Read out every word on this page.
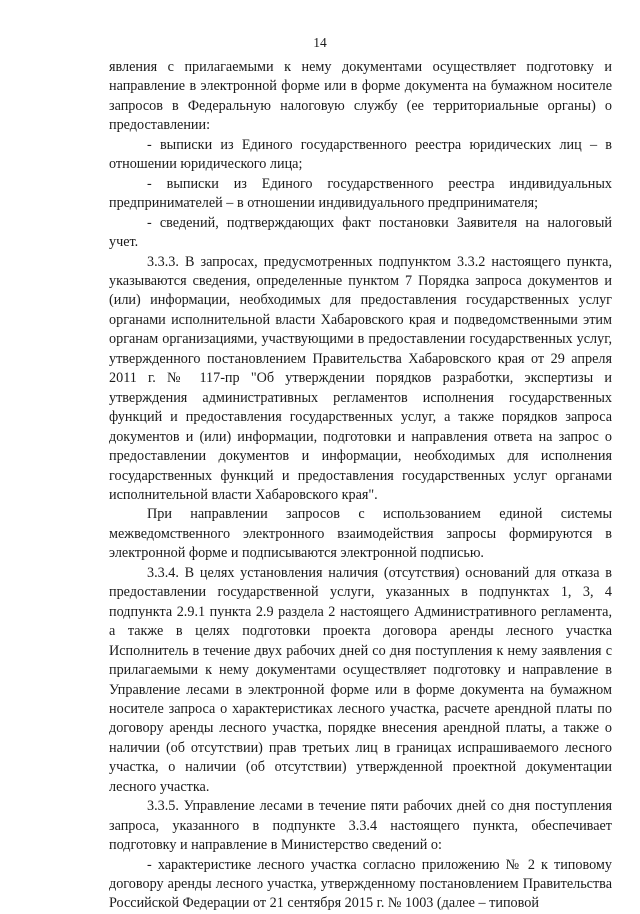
14

явления с прилагаемыми к нему документами осуществляет подготовку и направление в электронной форме или в форме документа на бумажном носителе запросов в Федеральную налоговую службу (ее территориальные органы) о предоставлении:

- выписки из Единого государственного реестра юридических лиц – в отношении юридического лица;

- выписки из Единого государственного реестра индивидуальных предпринимателей – в отношении индивидуального предпринимателя;

- сведений, подтверждающих факт постановки Заявителя на налоговый учет.

3.3.3. В запросах, предусмотренных подпунктом 3.3.2 настоящего пункта, указываются сведения, определенные пунктом 7 Порядка запроса документов и (или) информации, необходимых для предоставления государственных услуг органами исполнительной власти Хабаровского края и подведомственными этим органам организациями, участвующими в предоставлении государственных услуг, утвержденного постановлением Правительства Хабаровского края от 29 апреля 2011 г. № 117-пр "Об утверждении порядков разработки, экспертизы и утверждения административных регламентов исполнения государственных функций и предоставления государственных услуг, а также порядков запроса документов и (или) информации, подготовки и направления ответа на запрос о предоставлении документов и информации, необходимых для исполнения государственных функций и предоставления государственных услуг органами исполнительной власти Хабаровского края".

При направлении запросов с использованием единой системы межведомственного электронного взаимодействия запросы формируются в электронной форме и подписываются электронной подписью.

3.3.4. В целях установления наличия (отсутствия) оснований для отказа в предоставлении государственной услуги, указанных в подпунктах 1, 3, 4 подпункта 2.9.1 пункта 2.9 раздела 2 настоящего Административного регламента, а также в целях подготовки проекта договора аренды лесного участка Исполнитель в течение двух рабочих дней со дня поступления к нему заявления с прилагаемыми к нему документами осуществляет подготовку и направление в Управление лесами в электронной форме или в форме документа на бумажном носителе запроса о характеристиках лесного участка, расчете арендной платы по договору аренды лесного участка, порядке внесения арендной платы, а также о наличии (об отсутствии) прав третьих лиц в границах испрашиваемого лесного участка, о наличии (об отсутствии) утвержденной проектной документации лесного участка.

3.3.5. Управление лесами в течение пяти рабочих дней со дня поступления запроса, указанного в подпункте 3.3.4 настоящего пункта, обеспечивает подготовку и направление в Министерство сведений о:

- характеристике лесного участка согласно приложению № 2 к типовому договору аренды лесного участка, утвержденному постановлением Правительства Российской Федерации от 21 сентября 2015 г. № 1003 (далее – типовой
